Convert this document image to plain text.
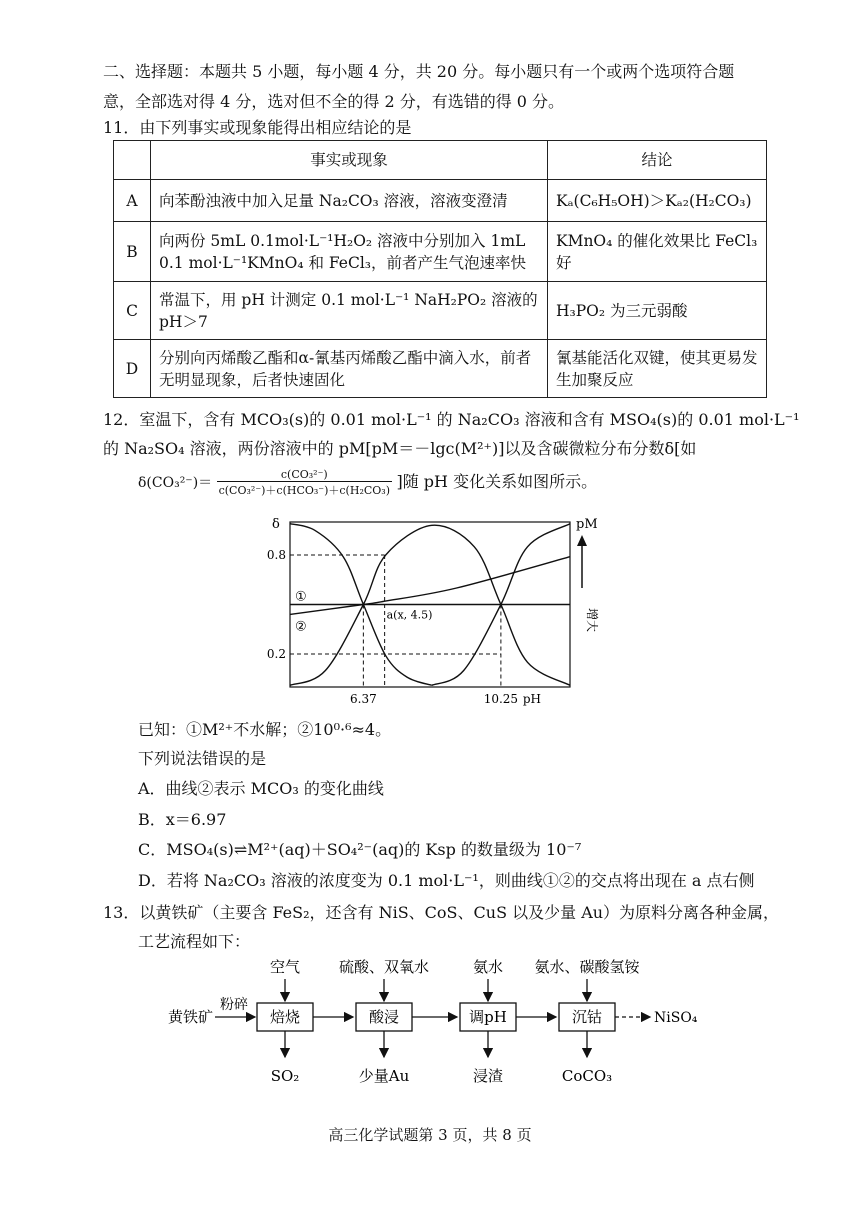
二、选择题：本题共 5 小题，每小题 4 分，共 20 分。每小题只有一个或两个选项符合题
意，全部选对得 4 分，选对但不全的得 2 分，有选错的得 0 分。
11．由下列事实或现象能得出相应结论的是
	事实或现象	结论
A	向苯酚浊液中加入足量 Na₂CO₃ 溶液，溶液变澄清	Kₐ(C₆H₅OH)＞Kₐ₂(H₂CO₃)
B	向两份 5mL 0.1mol·L⁻¹H₂O₂ 溶液中分别加入 1mL 0.1 mol·L⁻¹KMnO₄ 和 FeCl₃，前者产生气泡速率快	KMnO₄ 的催化效果比 FeCl₃ 好
C	常温下，用 pH 计测定 0.1 mol·L⁻¹ NaH₂PO₂ 溶液的 pH＞7	H₃PO₂ 为三元弱酸
D	分别向丙烯酸乙酯和α-氰基丙烯酸乙酯中滴入水，前者无明显现象，后者快速固化	氰基能活化双键，使其更易发生加聚反应
12．室温下，含有 MCO₃(s)的 0.01 mol·L⁻¹ 的 Na₂CO₃ 溶液和含有 MSO₄(s)的 0.01 mol·L⁻¹
的 Na₂SO₄ 溶液，两份溶液中的 pM[pM＝－lgc(M²⁺)]以及含碳微粒分布分数δ[如
$\delta(CO_3^{2-})= \frac{\text{c(CO₃²⁻)}}{\text{c(CO₃²⁻)＋c(HCO₃⁻)＋c(H₂CO₃)}}$ ]随 pH 变化关系如图所示。
δ
0.8
0.2
6.37	10.25 pH
pM
增大
①
②
a(x, 4.5)
已知：①M²⁺不水解；②10⁰·⁶≈4。
下列说法错误的是
A．曲线②表示 MCO₃ 的变化曲线
B．x＝6.97
C．MSO₄(s)⇌M²⁺(aq)＋SO₄²⁻(aq)的 Ksp 的数量级为 10⁻⁷
D．若将 Na₂CO₃ 溶液的浓度变为 0.1 mol·L⁻¹，则曲线①②的交点将出现在 a 点右侧
13．以黄铁矿（主要含 FeS₂，还含有 NiS、CoS、CuS 以及少量 Au）为原料分离各种金属，
工艺流程如下：
黄铁矿
粉碎
焙烧	酸浸	调pH	沉钴	NiSO₄
空气	硫酸、双氧水	氨水 氨水、碳酸氢铵
SO₂	少量Au	浸渣	CoCO₃
高三化学试题第 3 页，共 8 页
